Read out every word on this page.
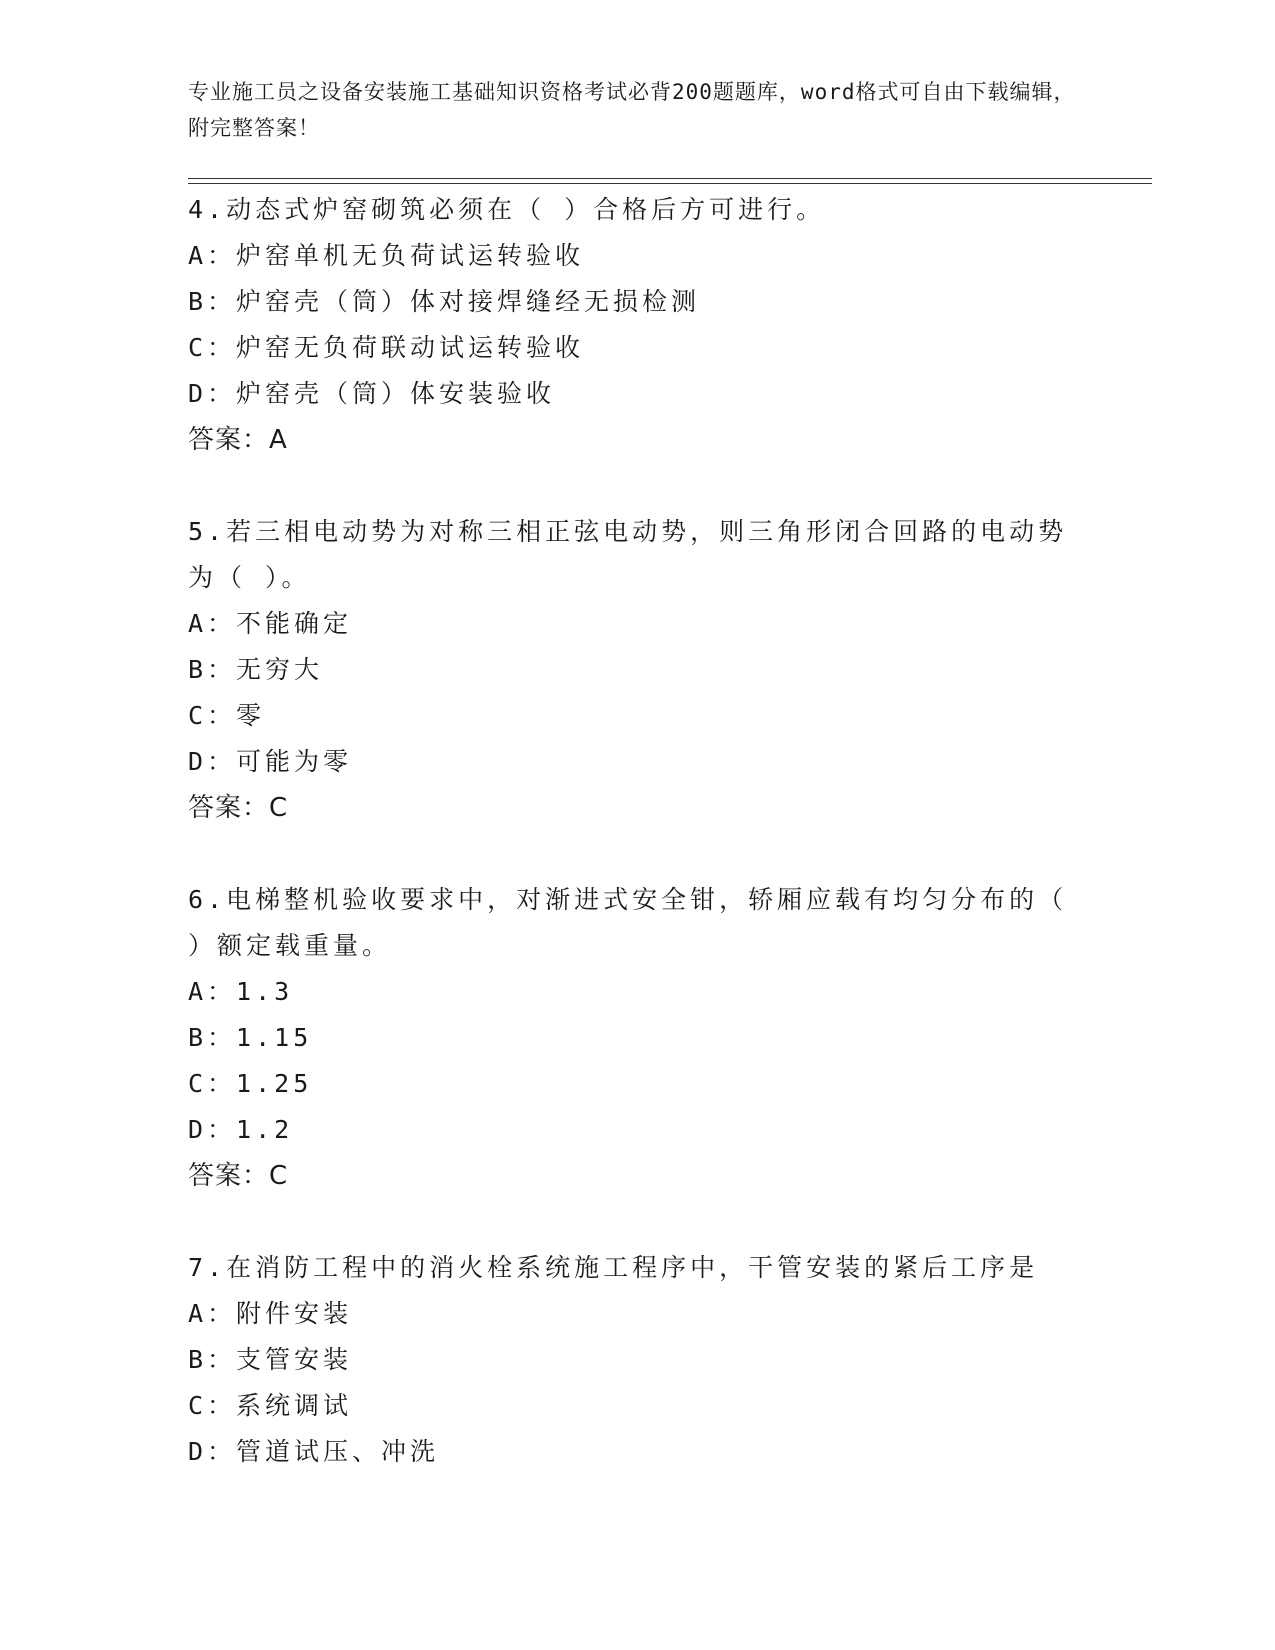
专业施工员之设备安装施工基础知识资格考试必背200题题库，word格式可自由下载编辑，附完整答案！
4.动态式炉窑砌筑必须在（ ）合格后方可进行。
A：炉窑单机无负荷试运转验收
B：炉窑壳（筒）体对接焊缝经无损检测
C：炉窑无负荷联动试运转验收
D：炉窑壳（筒）体安装验收
答案：A
5.若三相电动势为对称三相正弦电动势，则三角形闭合回路的电动势为（ ）。
A：不能确定
B：无穷大
C：零
D：可能为零
答案：C
6.电梯整机验收要求中，对渐进式安全钳，轿厢应载有均匀分布的（ ）额定载重量。
A：1.3
B：1.15
C：1.25
D：1.2
答案：C
7.在消防工程中的消火栓系统施工程序中，干管安装的紧后工序是
A：附件安装
B：支管安装
C：系统调试
D：管道试压、冲洗
